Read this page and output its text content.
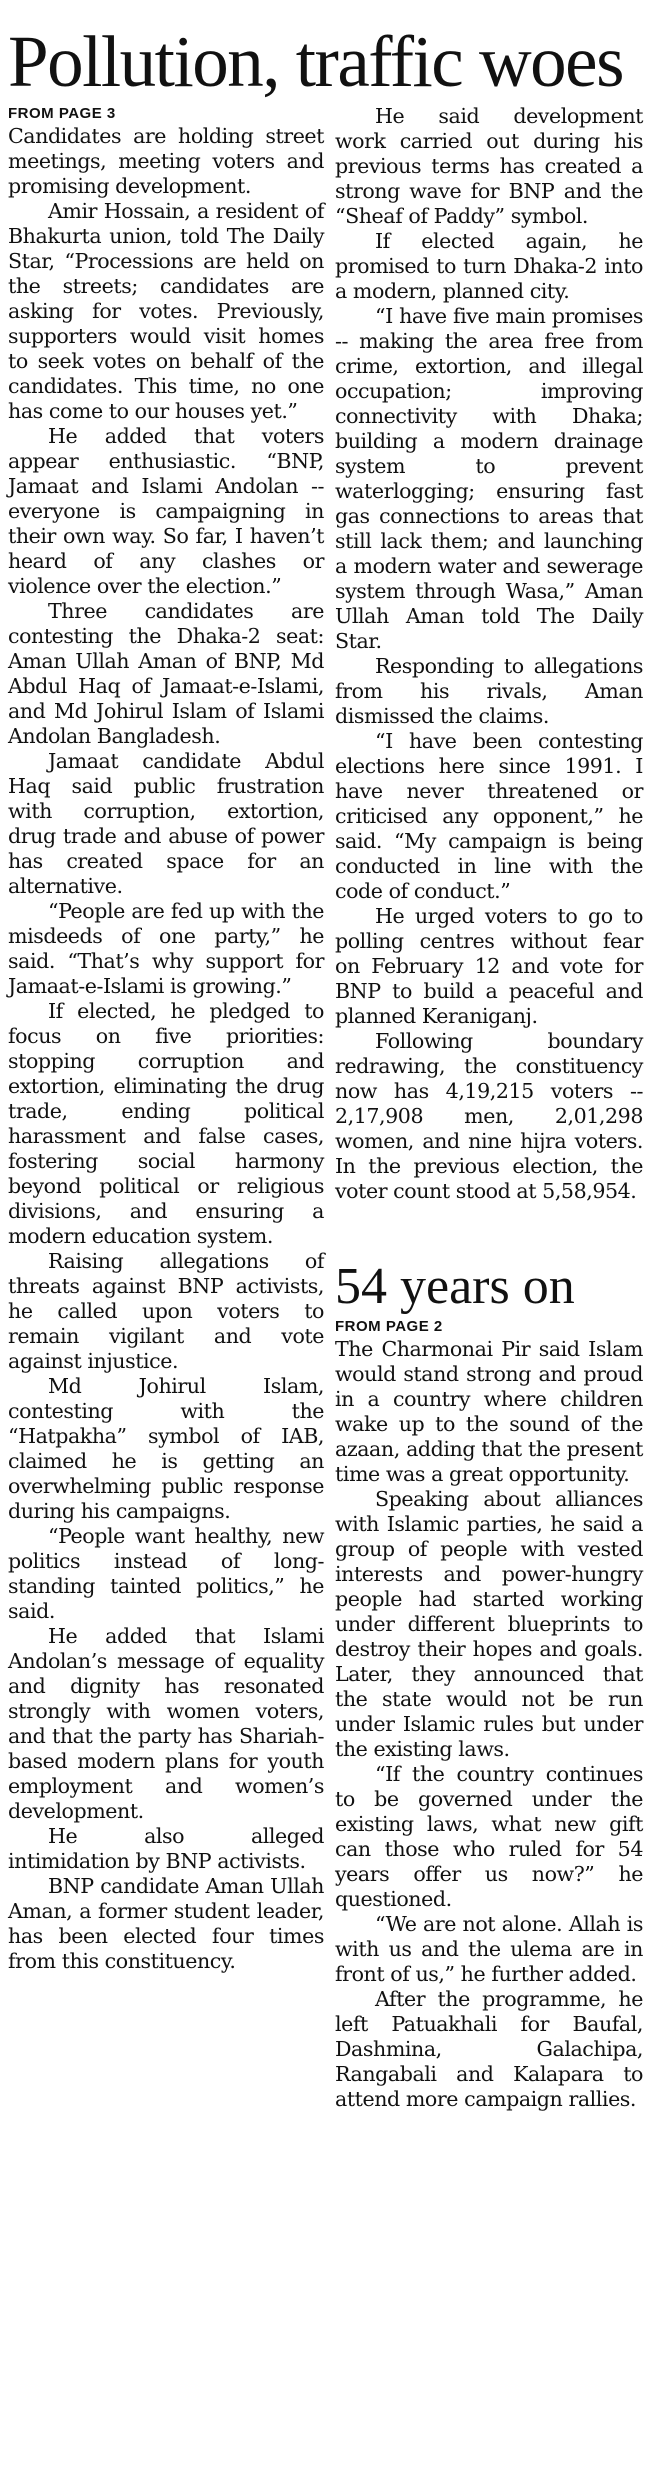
Pollution, traffic woes
FROM PAGE 3

Candidates are holding street meetings, meeting voters and promising development.

Amir Hossain, a resident of Bhakurta union, told The Daily Star, “Processions are held on the streets; candidates are asking for votes. Previously, supporters would visit homes to seek votes on behalf of the candidates. This time, no one has come to our houses yet.”

He added that voters appear enthusiastic. “BNP, Jamaat and Islami Andolan -- everyone is campaigning in their own way. So far, I haven’t heard of any clashes or violence over the election.”

Three candidates are contesting the Dhaka-2 seat: Aman Ullah Aman of BNP, Md Abdul Haq of Jamaat-e-Islami, and Md Johirul Islam of Islami Andolan Bangladesh.

Jamaat candidate Abdul Haq said public frustration with corruption, extortion, drug trade and abuse of power has created space for an alternative.

“People are fed up with the misdeeds of one party,” he said. “That’s why support for Jamaat-e-Islami is growing.”

If elected, he pledged to focus on five priorities: stopping corruption and extortion, eliminating the drug trade, ending political harassment and false cases, fostering social harmony beyond political or religious divisions, and ensuring a modern education system.

Raising allegations of threats against BNP activists, he called upon voters to remain vigilant and vote against injustice.

Md Johirul Islam, contesting with the “Hatpakha” symbol of IAB, claimed he is getting an overwhelming public response during his campaigns.

“People want healthy, new politics instead of long-standing tainted politics,” he said.

He added that Islami Andolan’s message of equality and dignity has resonated strongly with women voters, and that the party has Shariah-based modern plans for youth employment and women’s development.

He also alleged intimidation by BNP activists.

BNP candidate Aman Ullah Aman, a former student leader, has been elected four times from this constituency.

He said development work carried out during his previous terms has created a strong wave for BNP and the “Sheaf of Paddy” symbol.

If elected again, he promised to turn Dhaka-2 into a modern, planned city.

“I have five main promises -- making the area free from crime, extortion, and illegal occupation; improving connectivity with Dhaka; building a modern drainage system to prevent waterlogging; ensuring fast gas connections to areas that still lack them; and launching a modern water and sewerage system through Wasa,” Aman Ullah Aman told The Daily Star.

Responding to allegations from his rivals, Aman dismissed the claims.

“I have been contesting elections here since 1991. I have never threatened or criticised any opponent,” he said. “My campaign is being conducted in line with the code of conduct.”

He urged voters to go to polling centres without fear on February 12 and vote for BNP to build a peaceful and planned Keraniganj.

Following boundary redrawing, the constituency now has 4,19,215 voters -- 2,17,908 men, 2,01,298 women, and nine hijra voters. In the previous election, the voter count stood at 5,58,954.

54 years on
FROM PAGE 2

The Charmonai Pir said Islam would stand strong and proud in a country where children wake up to the sound of the azaan, adding that the present time was a great opportunity.

Speaking about alliances with Islamic parties, he said a group of people with vested interests and power-hungry people had started working under different blueprints to destroy their hopes and goals. Later, they announced that the state would not be run under Islamic rules but under the existing laws.

“If the country continues to be governed under the existing laws, what new gift can those who ruled for 54 years offer us now?” he questioned.

“We are not alone. Allah is with us and the ulema are in front of us,” he further added.

After the programme, he left Patuakhali for Baufal, Dashmina, Galachipa, Rangabali and Kalapara to attend more campaign rallies.
